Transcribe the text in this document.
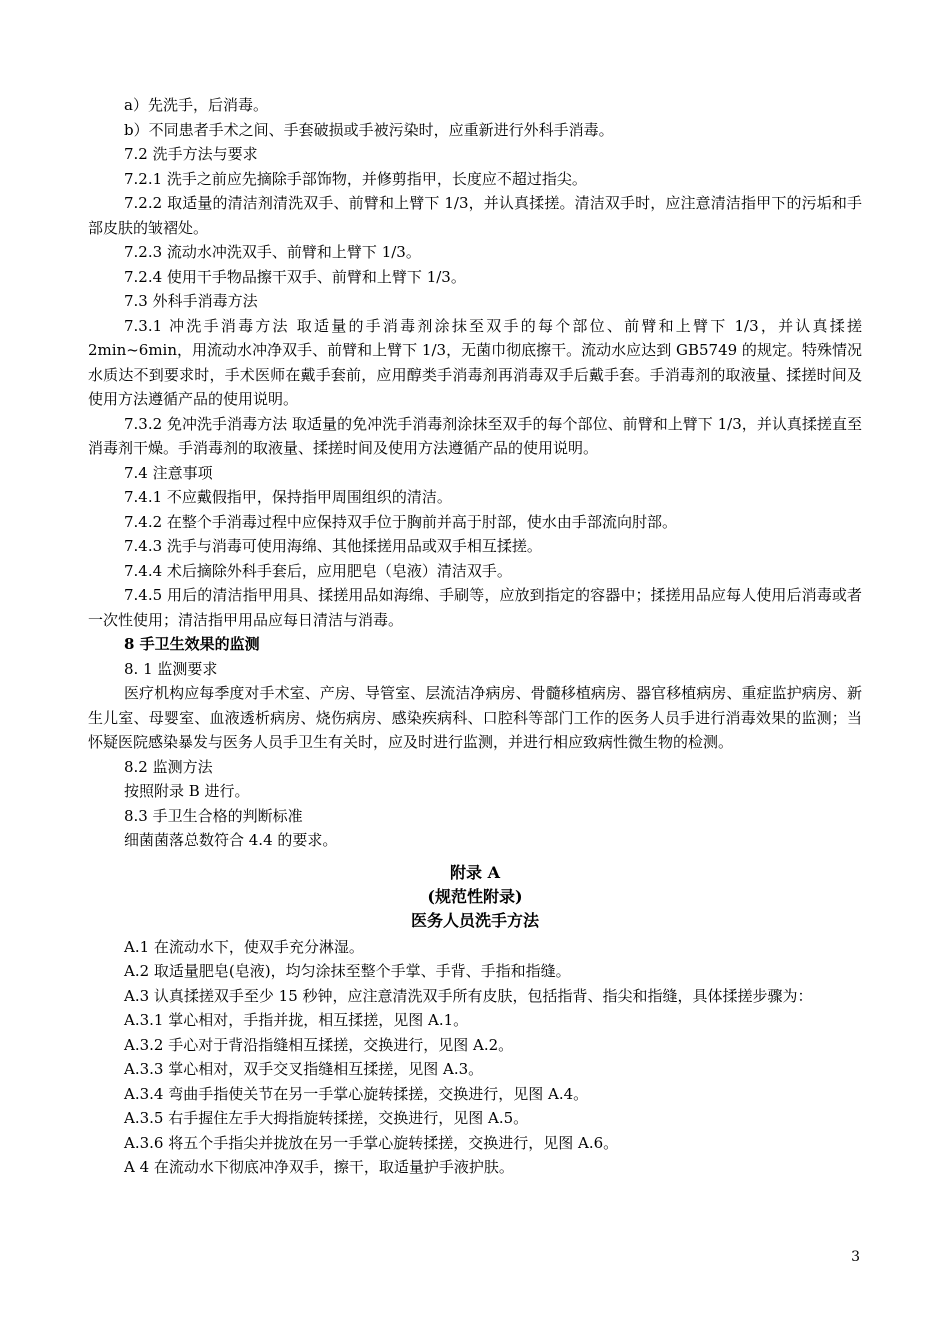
a）先洗手，后消毒。

b）不同患者手术之间、手套破损或手被污染时，应重新进行外科手消毒。

7.2 洗手方法与要求

7.2.1 洗手之前应先摘除手部饰物，并修剪指甲，长度应不超过指尖。

7.2.2 取适量的清洁剂清洗双手、前臂和上臂下 1/3，并认真揉搓。清洁双手时，应注意清洁指甲下的污垢和手部皮肤的皱褶处。

7.2.3 流动水冲洗双手、前臂和上臂下 1/3。

7.2.4 使用干手物品擦干双手、前臂和上臂下 1/3。

7.3 外科手消毒方法

7.3.1 冲洗手消毒方法 取适量的手消毒剂涂抹至双手的每个部位、前臂和上臂下 1/3，并认真揉搓 2min~6min，用流动水冲净双手、前臂和上臂下 1/3，无菌巾彻底擦干。流动水应达到 GB5749 的规定。特殊情况水质达不到要求时，手术医师在戴手套前，应用醇类手消毒剂再消毒双手后戴手套。手消毒剂的取液量、揉搓时间及使用方法遵循产品的使用说明。

7.3.2 免冲洗手消毒方法 取适量的免冲洗手消毒剂涂抹至双手的每个部位、前臂和上臂下 1/3，并认真揉搓直至消毒剂干燥。手消毒剂的取液量、揉搓时间及使用方法遵循产品的使用说明。

7.4 注意事项

7.4.1 不应戴假指甲，保持指甲周围组织的清洁。

7.4.2 在整个手消毒过程中应保持双手位于胸前并高于肘部，使水由手部流向肘部。

7.4.3 洗手与消毒可使用海绵、其他揉搓用品或双手相互揉搓。

7.4.4 术后摘除外科手套后，应用肥皂（皂液）清洁双手。

7.4.5 用后的清洁指甲用具、揉搓用品如海绵、手刷等，应放到指定的容器中；揉搓用品应每人使用后消毒或者一次性使用；清洁指甲用品应每日清洁与消毒。

8 手卫生效果的监测

8. 1 监测要求

医疗机构应每季度对手术室、产房、导管室、层流洁净病房、骨髓移植病房、器官移植病房、重症监护病房、新生儿室、母婴室、血液透析病房、烧伤病房、感染疾病科、口腔科等部门工作的医务人员手进行消毒效果的监测；当怀疑医院感染暴发与医务人员手卫生有关时，应及时进行监测，并进行相应致病性微生物的检测。

8.2 监测方法

按照附录 B 进行。

8.3 手卫生合格的判断标准

细菌菌落总数符合 4.4 的要求。

附录 A

(规范性附录)

医务人员洗手方法

A.1 在流动水下，使双手充分淋湿。

A.2 取适量肥皂(皂液)，均匀涂抹至整个手掌、手背、手指和指缝。

A.3 认真揉搓双手至少 15 秒钟，应注意清洗双手所有皮肤，包括指背、指尖和指缝，具体揉搓步骤为：

A.3.1 掌心相对，手指并拢，相互揉搓，见图 A.1。

A.3.2 手心对于背沿指缝相互揉搓，交换进行，见图 A.2。

A.3.3 掌心相对，双手交叉指缝相互揉搓，见图 A.3。

A.3.4 弯曲手指使关节在另一手掌心旋转揉搓，交换进行，见图 A.4。

A.3.5 右手握住左手大拇指旋转揉搓，交换进行，见图 A.5。

A.3.6 将五个手指尖并拢放在另一手掌心旋转揉搓，交换进行，见图 A.6。

A 4 在流动水下彻底冲净双手，擦干，取适量护手液护肤。

3
